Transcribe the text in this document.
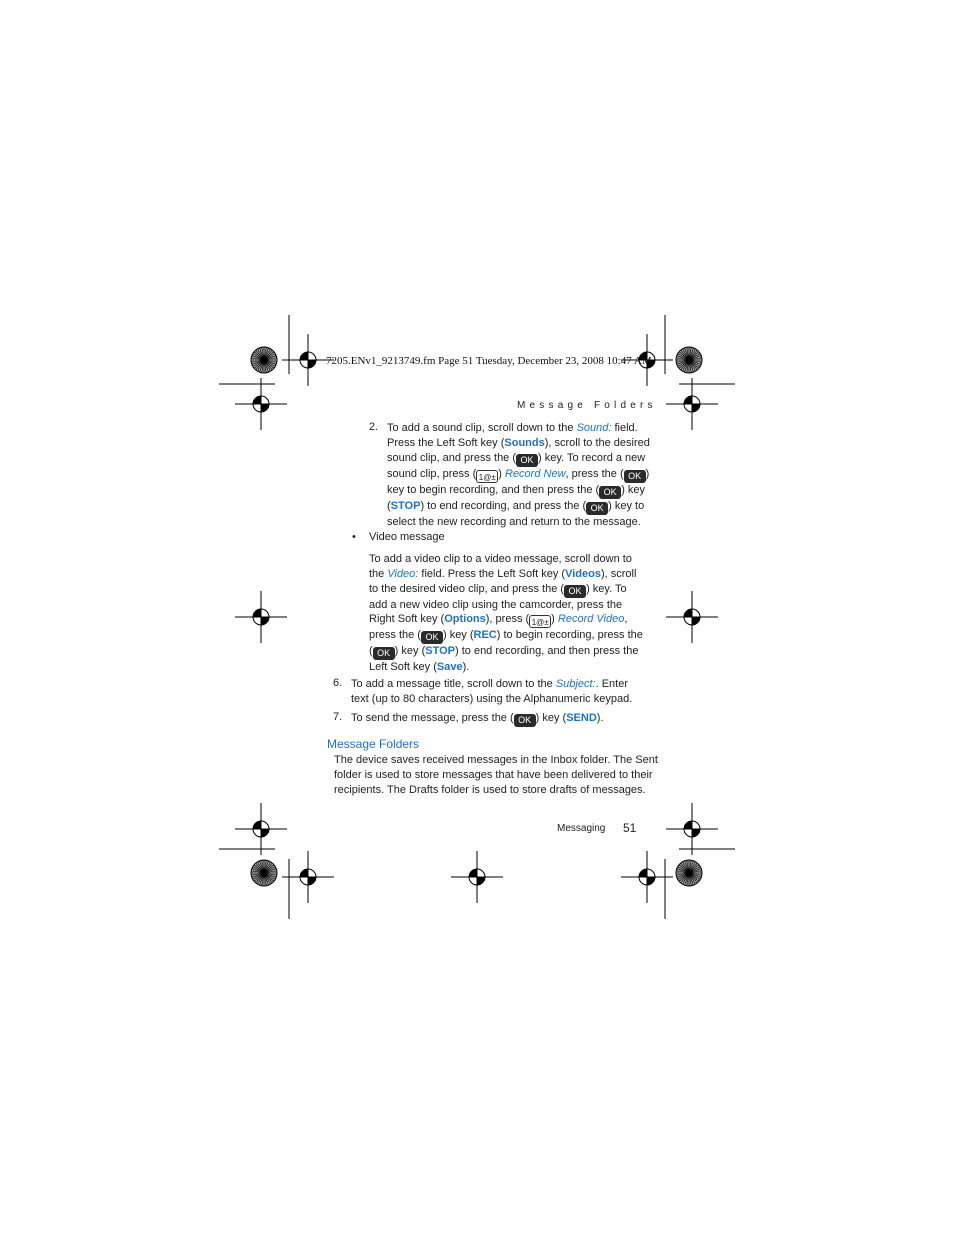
7205.ENv1_9213749.fm Page 51 Tuesday, December 23, 2008 10:47 AM
Message Folders
2. To add a sound clip, scroll down to the Sound: field.
Press the Left Soft key (Sounds), scroll to the desired
sound clip, and press the ( OK ) key. To record a new
sound clip, press ( 1@± ) Record New, press the ( OK )
key to begin recording, and then press the ( OK ) key
(STOP) to end recording, and press the ( OK ) key to
select the new recording and return to the message.
• Video message
To add a video clip to a video message, scroll down to
the Video: field. Press the Left Soft key (Videos), scroll
to the desired video clip, and press the ( OK ) key. To
add a new video clip using the camcorder, press the
Right Soft key (Options), press ( 1@± ) Record Video,
press the ( OK ) key (REC) to begin recording, press the
( OK ) key (STOP) to end recording, and then press the
Left Soft key (Save).
6. To add a message title, scroll down to the Subject:. Enter
text (up to 80 characters) using the Alphanumeric keypad.
7. To send the message, press the ( OK ) key (SEND).
Message Folders
The device saves received messages in the Inbox folder. The Sent
folder is used to store messages that have been delivered to their
recipients. The Drafts folder is used to store drafts of messages.
Messaging 51
